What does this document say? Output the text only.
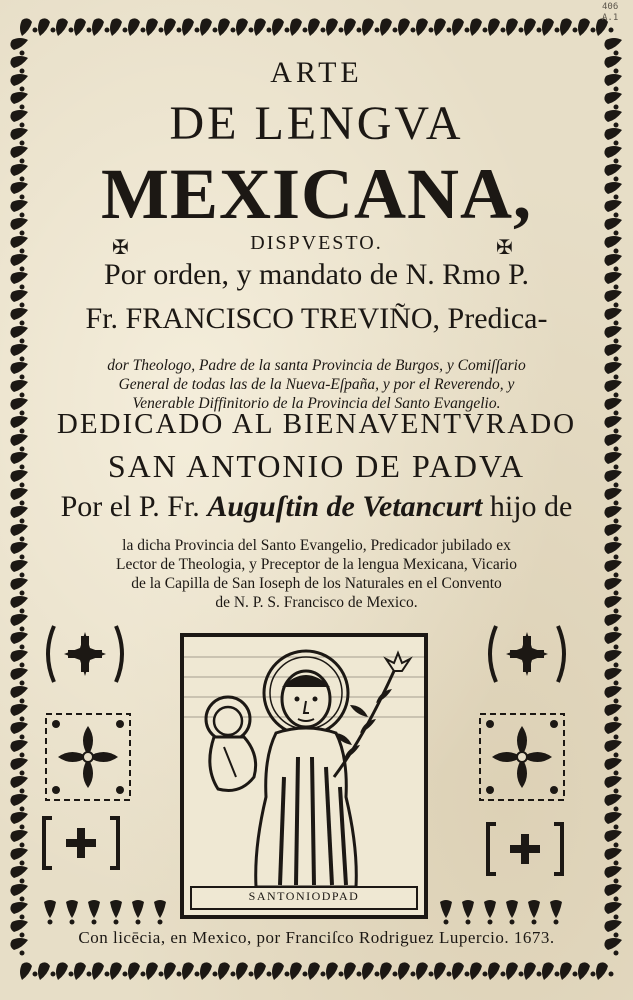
406
A.1
ARTE
DE LENGVA
MEXICANA,
✠	DISPVESTO.	✠
Por orden, y mandato de N. Rmo P.
Fr. FRANCISCO TREVIÑO, Predica-
dor Theologo, Padre de la santa Provincia de Burgos, y Comiſſario
General de todas las de la Nueva-Eſpaña, y por el Reverendo, y
Venerable Diffinitorio de la Provincia del Santo Evangelio.
DEDICADO AL BIENAVENTVRADO
SAN ANTONIO DE PADVA
Por el P. Fr. Auguſtin de Vetancurt hijo de
la dicha Provincia del Santo Evangelio, Predicador jubilado ex
Lector de Theologia, y Preceptor de la lengua Mexicana, Vicario
de la Capilla de San Ioseph de los Naturales en el Convento
de N. P. S. Francisco de Mexico.
SANTONIODPAD
Con licēcia, en Mexico, por Franciſco Rodriguez Lupercio. 1673.
